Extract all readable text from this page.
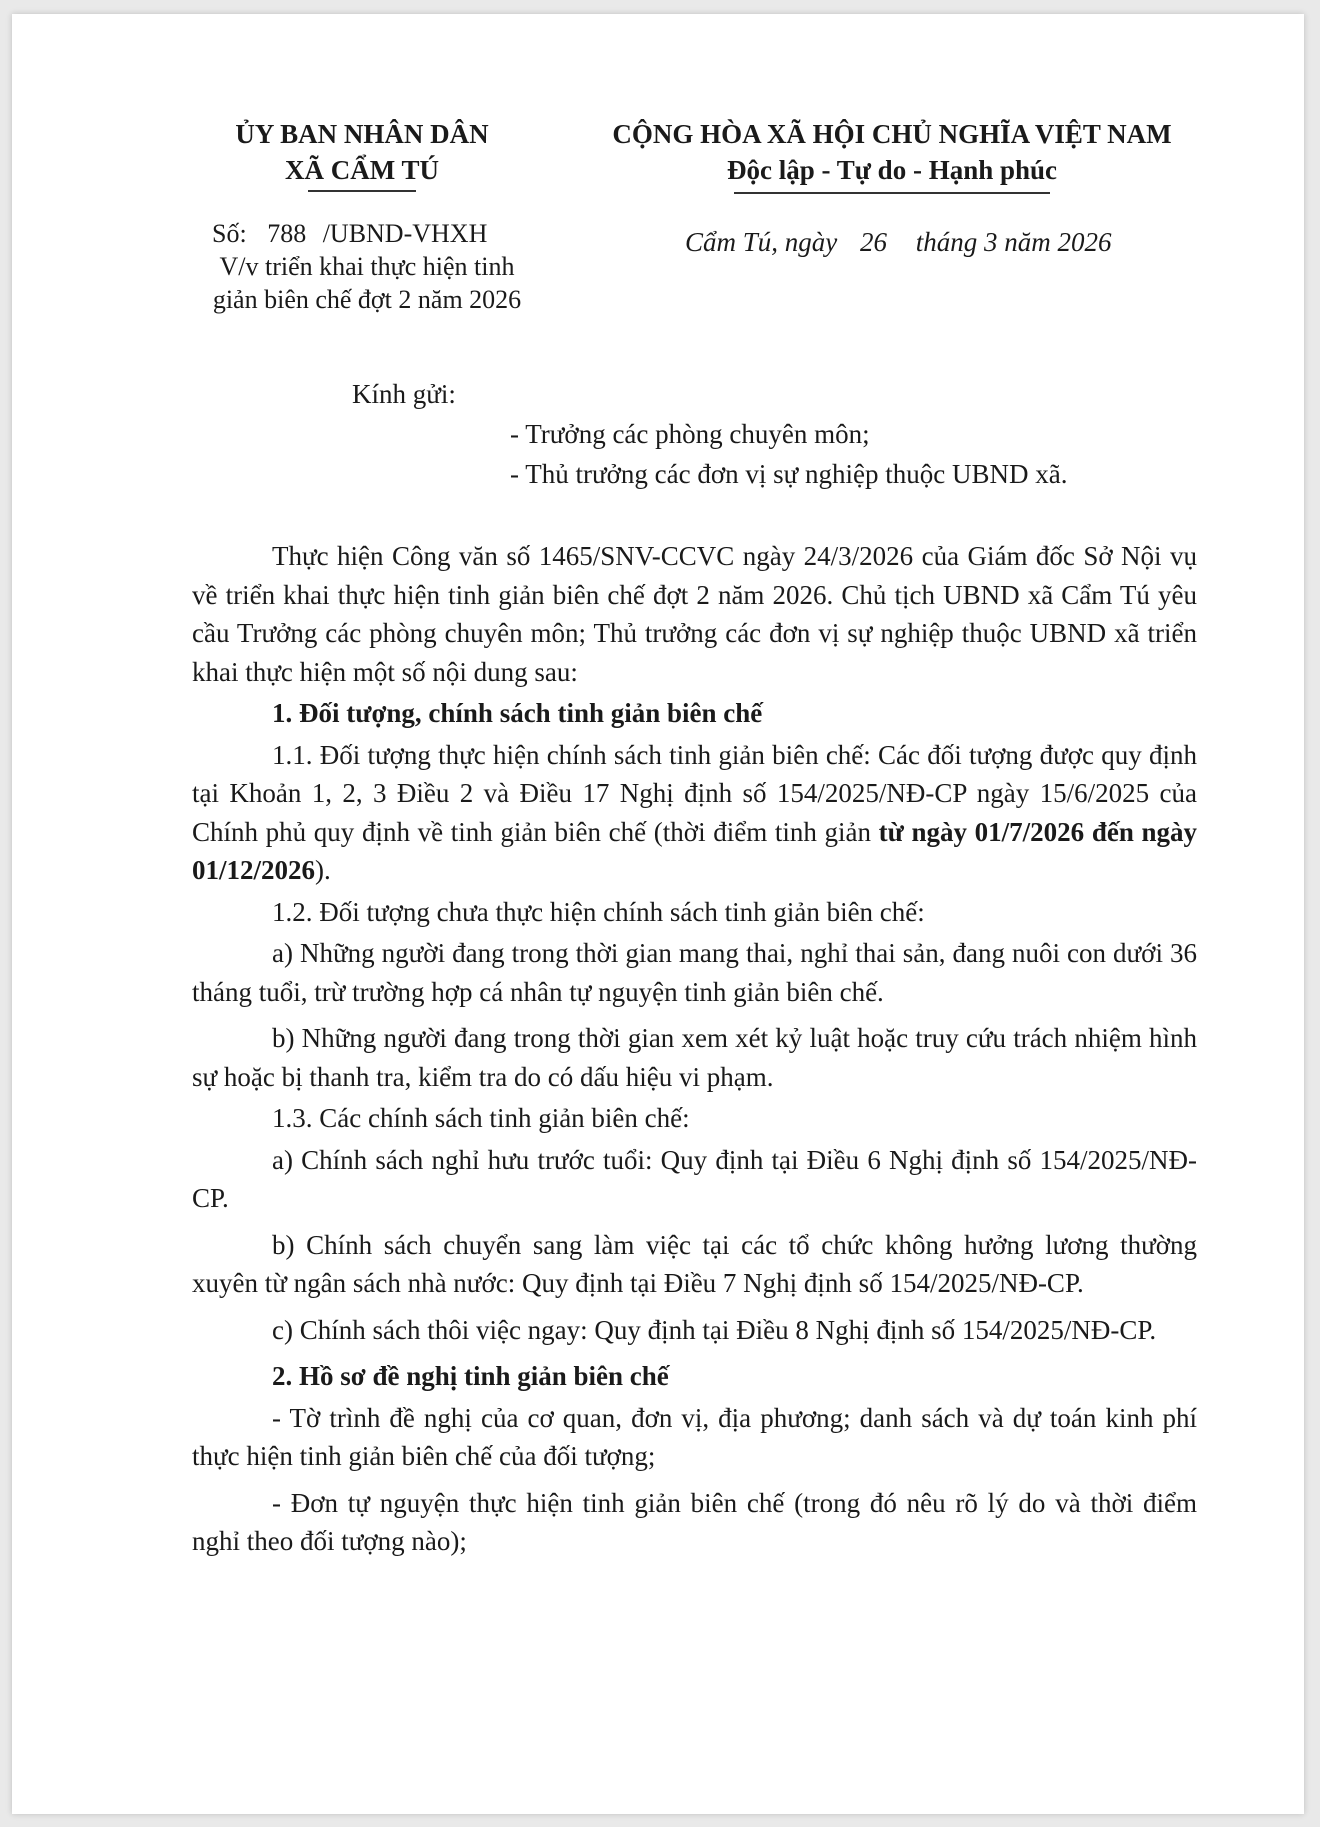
ỦY BAN NHÂN DÂN
XÃ CẨM TÚ
CỘNG HÒA XÃ HỘI CHỦ NGHĨA VIỆT NAM
Độc lập - Tự do - Hạnh phúc
Số: 788 /UBND-VHXH
V/v triển khai thực hiện tinh
giản biên chế đợt 2 năm 2026
Cẩm Tú, ngày 26 tháng 3 năm 2026
Kính gửi:
- Trưởng các phòng chuyên môn;
- Thủ trưởng các đơn vị sự nghiệp thuộc UBND xã.

Thực hiện Công văn số 1465/SNV-CCVC ngày 24/3/2026 của Giám đốc Sở Nội vụ về triển khai thực hiện tinh giản biên chế đợt 2 năm 2026. Chủ tịch UBND xã Cẩm Tú yêu cầu Trưởng các phòng chuyên môn; Thủ trưởng các đơn vị sự nghiệp thuộc UBND xã triển khai thực hiện một số nội dung sau:

1. Đối tượng, chính sách tinh giản biên chế

1.1. Đối tượng thực hiện chính sách tinh giản biên chế: Các đối tượng được quy định tại Khoản 1, 2, 3 Điều 2 và Điều 17 Nghị định số 154/2025/NĐ-CP ngày 15/6/2025 của Chính phủ quy định về tinh giản biên chế (thời điểm tinh giản từ ngày 01/7/2026 đến ngày 01/12/2026).

1.2. Đối tượng chưa thực hiện chính sách tinh giản biên chế:

a) Những người đang trong thời gian mang thai, nghỉ thai sản, đang nuôi con dưới 36 tháng tuổi, trừ trường hợp cá nhân tự nguyện tinh giản biên chế.

b) Những người đang trong thời gian xem xét kỷ luật hoặc truy cứu trách nhiệm hình sự hoặc bị thanh tra, kiểm tra do có dấu hiệu vi phạm.

1.3. Các chính sách tinh giản biên chế:

a) Chính sách nghỉ hưu trước tuổi: Quy định tại Điều 6 Nghị định số 154/2025/NĐ-CP.

b) Chính sách chuyển sang làm việc tại các tổ chức không hưởng lương thường xuyên từ ngân sách nhà nước: Quy định tại Điều 7 Nghị định số 154/2025/NĐ-CP.

c) Chính sách thôi việc ngay: Quy định tại Điều 8 Nghị định số 154/2025/NĐ-CP.

2. Hồ sơ đề nghị tinh giản biên chế

- Tờ trình đề nghị của cơ quan, đơn vị, địa phương; danh sách và dự toán kinh phí thực hiện tinh giản biên chế của đối tượng;

- Đơn tự nguyện thực hiện tinh giản biên chế (trong đó nêu rõ lý do và thời điểm nghỉ theo đối tượng nào);
